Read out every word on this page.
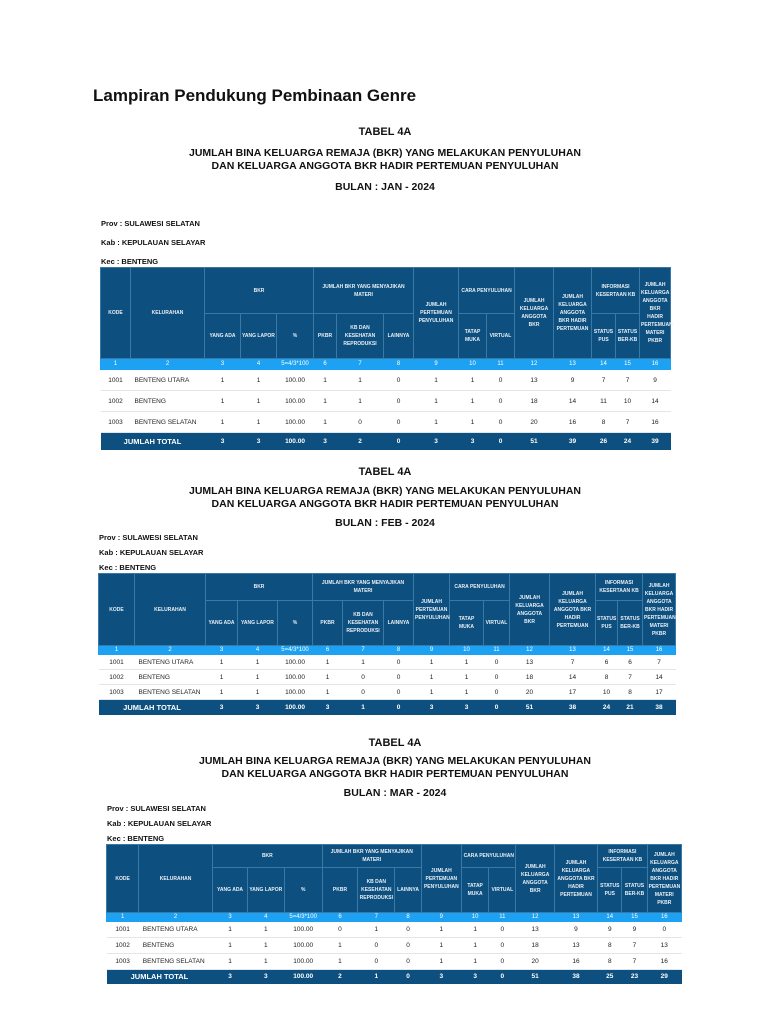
Lampiran Pendukung Pembinaan Genre
TABEL 4A
JUMLAH BINA KELUARGA REMAJA (BKR) YANG MELAKUKAN PENYULUHAN
DAN KELUARGA ANGGOTA BKR HADIR PERTEMUAN PENYULUHAN
BULAN : JAN - 2024
Prov : SULAWESI SELATAN
Kab : KEPULAUAN SELAYAR
Kec : BENTENG
KODE	KELURAHAN	BKR			JUMLAH BKR YANG MENYAJIKAN MATERI			JUMLAH PERTEMUAN PENYULUHAN	CARA PENYULUHAN		JUMLAH KELUARGA ANGGOTA BKR	JUMLAH KELUARGA ANGGOTA BKR HADIR PERTEMUAN	INFORMASI KESERTAAN KB		JUMLAH KELUARGA ANGGOTA BKR HADIR PERTEMUAN MATERI PKBR
		YANG ADA	YANG LAPOR	%	PKBR	KB DAN KESEHATAN REPRODUKSI	LAINNYA		TATAP MUKA	VIRTUAL			STATUS PUS	STATUS BER-KB	
1	2	3	4	5=4/3*100	6	7	8	9	10	11	12	13	14	15	16
1001	BENTENG UTARA	1	1	100.00	1	1	0	1	1	0	13	9	7	7	9
1002	BENTENG	1	1	100.00	1	1	0	1	1	0	18	14	11	10	14
1003	BENTENG SELATAN	1	1	100.00	1	0	0	1	1	0	20	16	8	7	16
JUMLAH TOTAL		3	3	100.00	3	2	0	3	3	0	51	39	26	24	39
TABEL 4A
JUMLAH BINA KELUARGA REMAJA (BKR) YANG MELAKUKAN PENYULUHAN
DAN KELUARGA ANGGOTA BKR HADIR PERTEMUAN PENYULUHAN
BULAN : FEB - 2024
Prov : SULAWESI SELATAN
Kab : KEPULAUAN SELAYAR
Kec : BENTENG
KODE	KELURAHAN	BKR			JUMLAH BKR YANG MENYAJIKAN MATERI			JUMLAH PERTEMUAN PENYULUHAN	CARA PENYULUHAN		JUMLAH KELUARGA ANGGOTA BKR	JUMLAH KELUARGA ANGGOTA BKR HADIR PERTEMUAN	INFORMASI KESERTAAN KB		JUMLAH KELUARGA ANGGOTA BKR HADIR PERTEMUAN MATERI PKBR
		YANG ADA	YANG LAPOR	%	PKBR	KB DAN KESEHATAN REPRODUKSI	LAINNYA		TATAP MUKA	VIRTUAL			STATUS PUS	STATUS BER-KB	
1	2	3	4	5=4/3*100	6	7	8	9	10	11	12	13	14	15	16
1001	BENTENG UTARA	1	1	100.00	1	1	0	1	1	0	13	7	6	6	7
1002	BENTENG	1	1	100.00	1	0	0	1	1	0	18	14	8	7	14
1003	BENTENG SELATAN	1	1	100.00	1	0	0	1	1	0	20	17	10	8	17
JUMLAH TOTAL		3	3	100.00	3	1	0	3	3	0	51	38	24	21	38
TABEL 4A
JUMLAH BINA KELUARGA REMAJA (BKR) YANG MELAKUKAN PENYULUHAN
DAN KELUARGA ANGGOTA BKR HADIR PERTEMUAN PENYULUHAN
BULAN : MAR - 2024
Prov : SULAWESI SELATAN
Kab : KEPULAUAN SELAYAR
Kec : BENTENG
KODE	KELURAHAN	BKR			JUMLAH BKR YANG MENYAJIKAN MATERI			JUMLAH PERTEMUAN PENYULUHAN	CARA PENYULUHAN		JUMLAH KELUARGA ANGGOTA BKR	JUMLAH KELUARGA ANGGOTA BKR HADIR PERTEMUAN	INFORMASI KESERTAAN KB		JUMLAH KELUARGA ANGGOTA BKR HADIR PERTEMUAN MATERI PKBR
		YANG ADA	YANG LAPOR	%	PKBR	KB DAN KESEHATAN REPRODUKSI	LAINNYA		TATAP MUKA	VIRTUAL			STATUS PUS	STATUS BER-KB	
1	2	3	4	5=4/3*100	6	7	8	9	10	11	12	13	14	15	16
1001	BENTENG UTARA	1	1	100.00	0	1	0	1	1	0	13	9	9	9	0
1002	BENTENG	1	1	100.00	1	0	0	1	1	0	18	13	8	7	13
1003	BENTENG SELATAN	1	1	100.00	1	0	0	1	1	0	20	16	8	7	16
JUMLAH TOTAL		3	3	100.00	2	1	0	3	3	0	51	38	25	23	29
